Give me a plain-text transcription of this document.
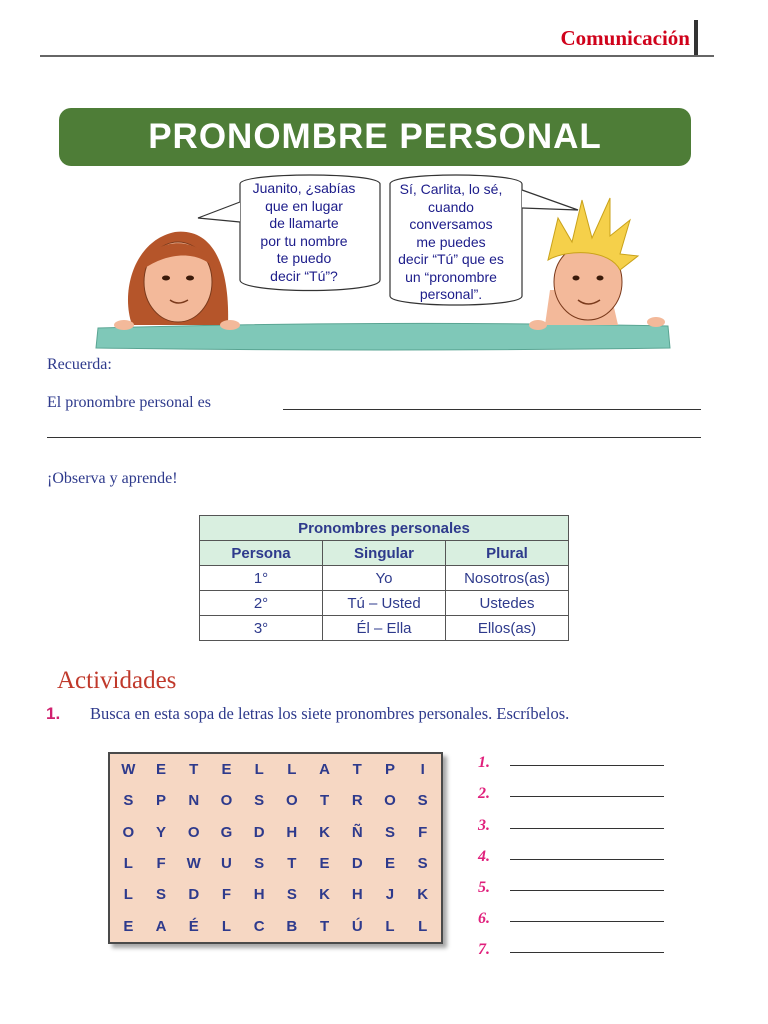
Comunicación
PRONOMBRE PERSONAL
Juanito, ¿sabías
que en lugar
de llamarte
por tu nombre
te puedo
decir “Tú”?
Sí, Carlita, lo sé,
cuando
conversamos
me puedes
decir “Tú” que es
un “pronombre
personal”.
Recuerda:
El pronombre personal es
¡Observa y aprende!
Pronombres personales		
Persona	Singular	Plural
1°	Yo	Nosotros(as)
2°	Tú – Usted	Ustedes
3°	Él – Ella	Ellos(as)
Actividades
1. Busca en esta sopa de letras los siete pronombres personales. Escríbelos.
W	E	T	E	L	L	A	T	P	I
S	P	N	O	S	O	T	R	O	S
O	Y	O	G	D	H	K	Ñ	S	F
L	F	W	U	S	T	E	D	E	S
L	S	D	F	H	S	K	H	J	K
E	A	É	L	C	B	T	Ú	L	L
1.
2.
3.
4.
5.
6.
7.
